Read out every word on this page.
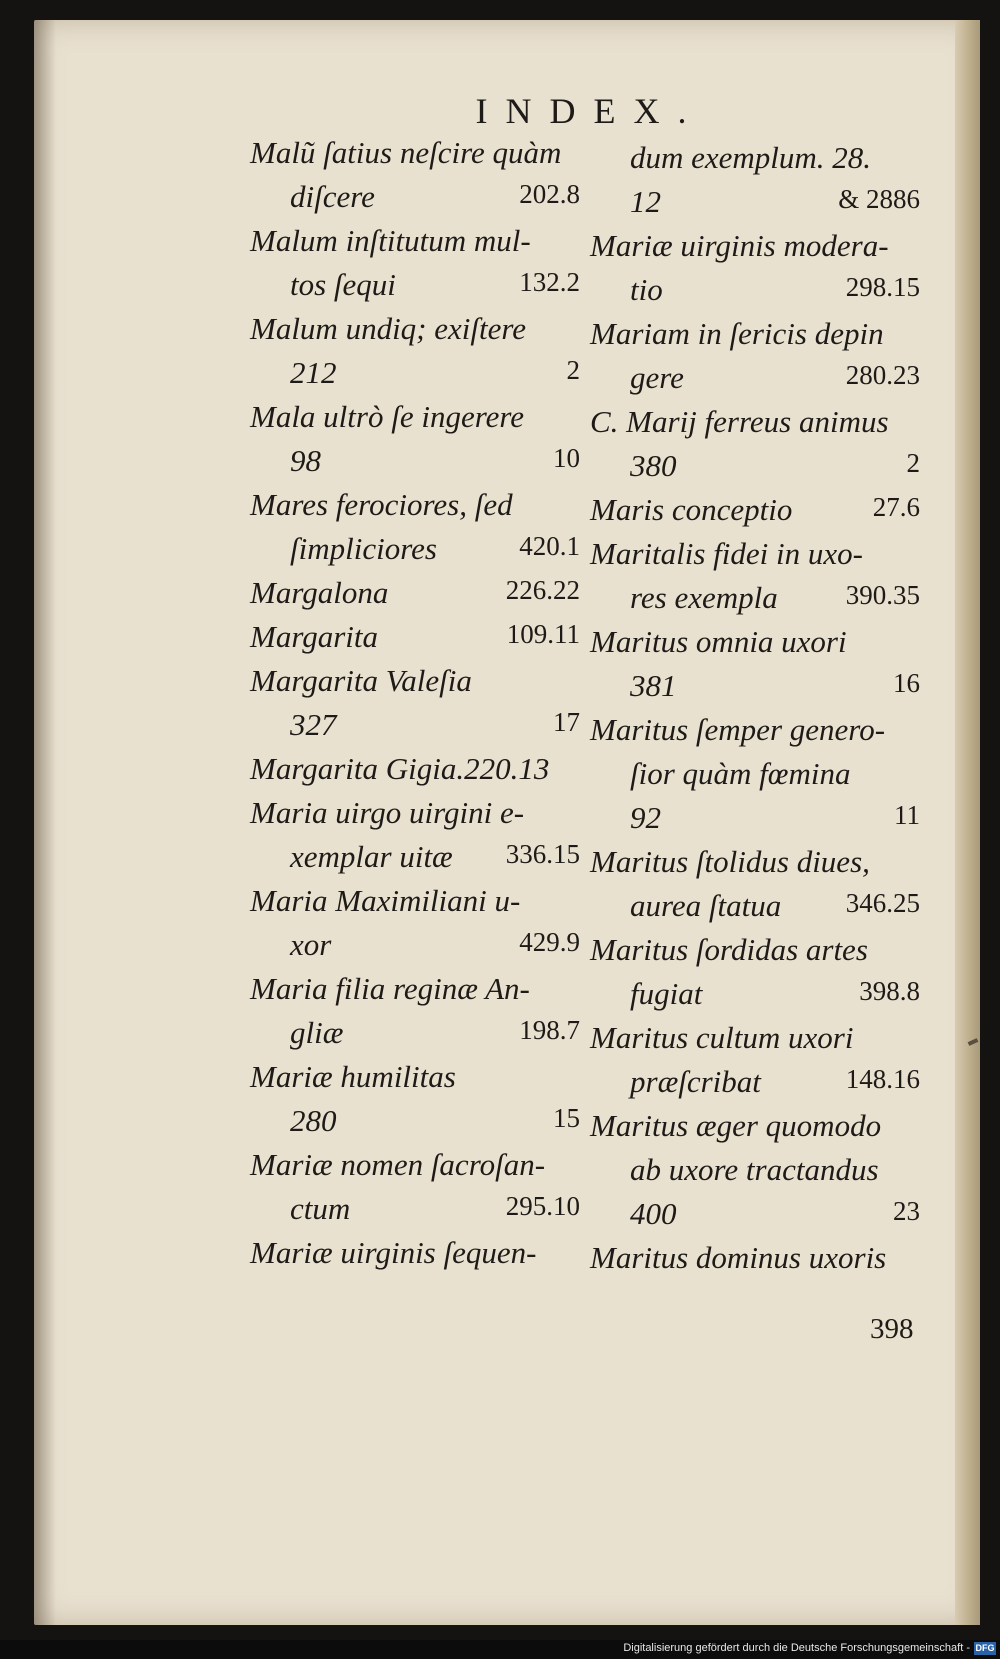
INDEX.
Malũ ſatius neſcire quàm
diſcere	202.8
Malum inſtitutum mul-
tos ſequi	132.2
Malum undiq; exiſtere
212	2
Mala ultrò ſe ingerere
98	10
Mares ferociores, ſed
ſimpliciores	420.1
Margalona	226.22
Margarita	109.11
Margarita Valeſia
327	17
Margarita Gigia.220.13
Maria uirgo uirgini e-
xemplar uitæ 336.15
Maria Maximiliani u-
xor	429.9
Maria filia reginæ An-
gliæ	198.7
Mariæ humilitas
280	15
Mariæ nomen ſacroſan-
ctum	295.10
Mariæ uirginis ſequen-
dum exemplum. 28.
12	& 2886
Mariæ uirginis modera-
tio	298.15
Mariam in ſericis depin
gere	280.23
C. Marij ferreus animus
380	2
Maris conceptio	27.6
Maritalis fidei in uxo-
res exempla	390.35
Maritus omnia uxori
381	16
Maritus ſemper genero-
ſior quàm fœmina
92	11
Maritus ſtolidus diues,
aurea ſtatua 346.25
Maritus ſordidas artes
fugiat	398.8
Maritus cultum uxori
præſcribat	148.16
Maritus æger quomodo
ab uxore tractandus
400	23
Maritus dominus uxoris
398
Digitalisierung gefördert durch die Deutsche Forschungsgemeinschaft - DFG
